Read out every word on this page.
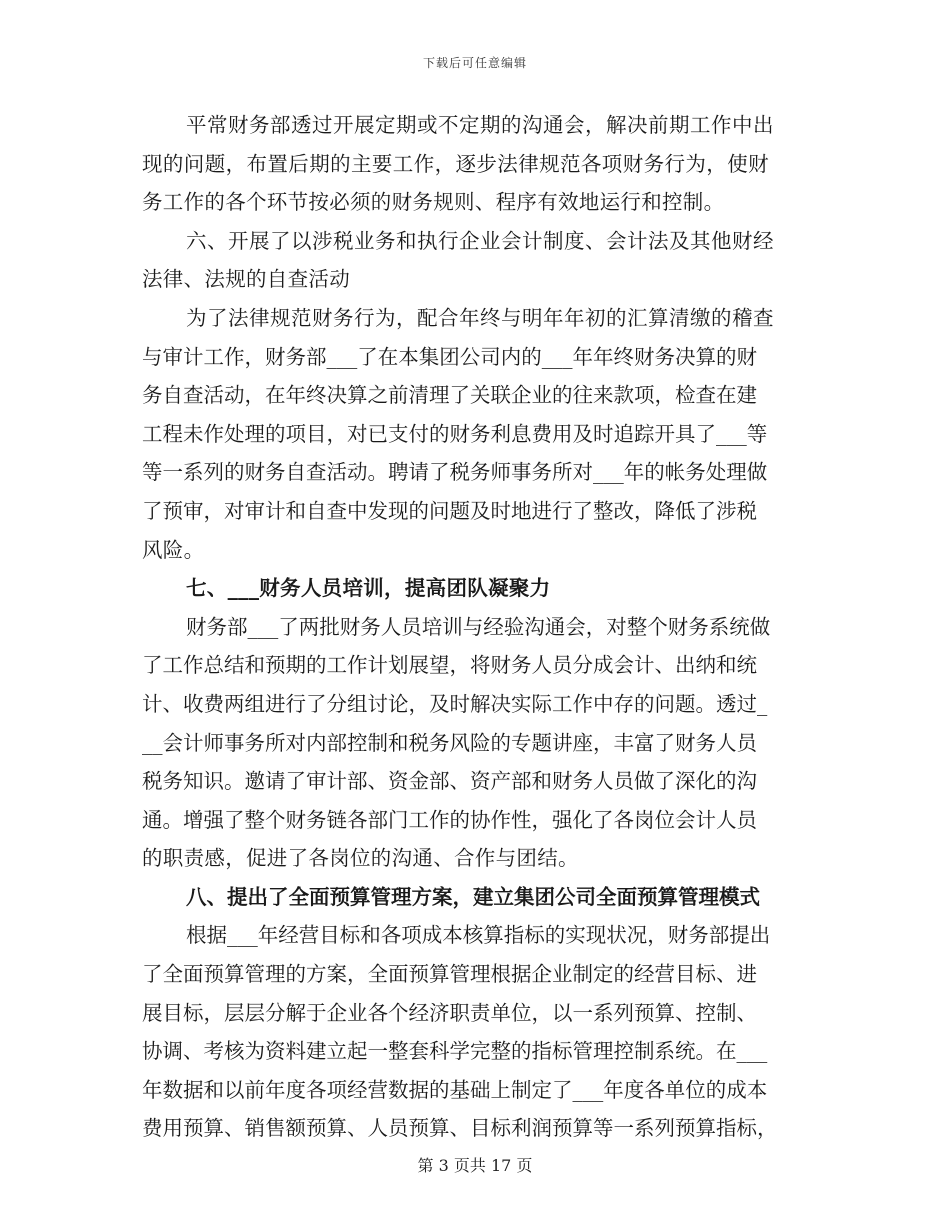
下载后可任意编辑
平常财务部透过开展定期或不定期的沟通会，解决前期工作中出
现的问题，布置后期的主要工作，逐步法律规范各项财务行为，使财
务工作的各个环节按必须的财务规则、程序有效地运行和控制。
六、开展了以涉税业务和执行企业会计制度、会计法及其他财经
法律、法规的自查活动
为了法律规范财务行为，配合年终与明年年初的汇算清缴的稽查
与审计工作，财务部___了在本集团公司内的___年年终财务决算的财
务自查活动，在年终决算之前清理了关联企业的往来款项，检查在建
工程未作处理的项目，对已支付的财务利息费用及时追踪开具了___等
等一系列的财务自查活动。聘请了税务师事务所对___年的帐务处理做
了预审，对审计和自查中发现的问题及时地进行了整改，降低了涉税
风险。
七、___财务人员培训，提高团队凝聚力
财务部___了两批财务人员培训与经验沟通会，对整个财务系统做
了工作总结和预期的工作计划展望，将财务人员分成会计、出纳和统
计、收费两组进行了分组讨论，及时解决实际工作中存的问题。透过_
__会计师事务所对内部控制和税务风险的专题讲座，丰富了财务人员
税务知识。邀请了审计部、资金部、资产部和财务人员做了深化的沟
通。增强了整个财务链各部门工作的协作性，强化了各岗位会计人员
的职责感，促进了各岗位的沟通、合作与团结。
八、提出了全面预算管理方案，建立集团公司全面预算管理模式
根据___年经营目标和各项成本核算指标的实现状况，财务部提出
了全面预算管理的方案，全面预算管理根据企业制定的经营目标、进
展目标，层层分解于企业各个经济职责单位，以一系列预算、控制、
协调、考核为资料建立起一整套科学完整的指标管理控制系统。在___
年数据和以前年度各项经营数据的基础上制定了___年度各单位的成本
费用预算、销售额预算、人员预算、目标利润预算等一系列预算指标，
第 3 页共 17 页
